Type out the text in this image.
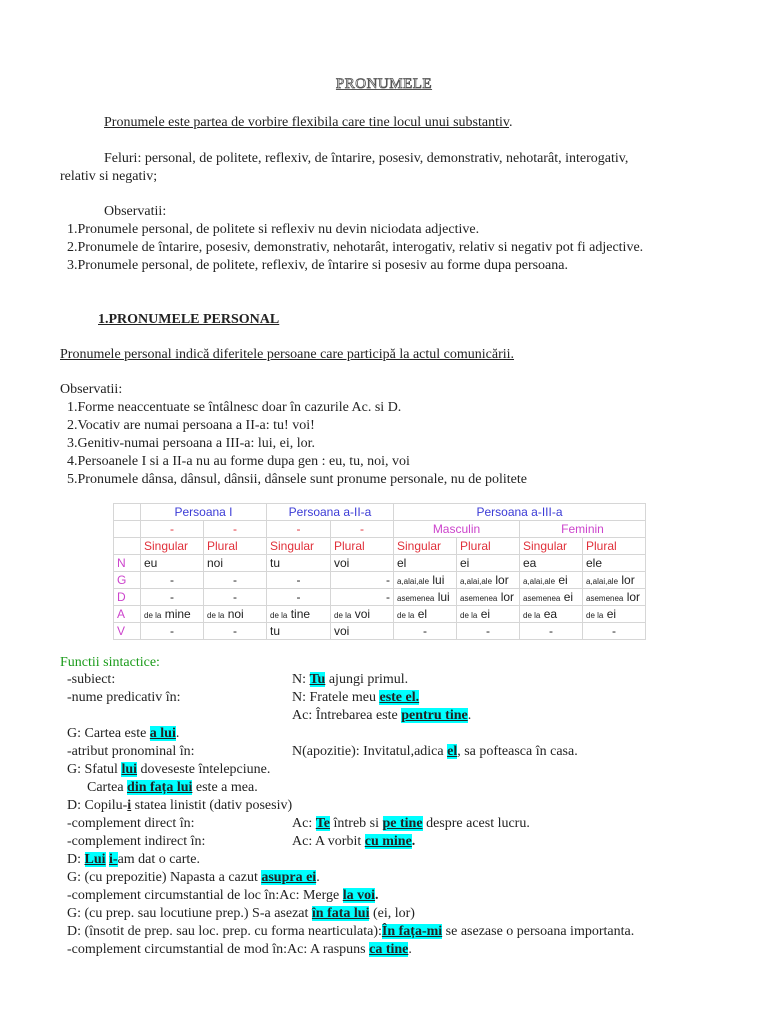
PRONUMELE
Pronumele este partea de vorbire flexibila care tine locul unui substantiv.
Feluri: personal, de politete, reflexiv, de întarire, posesiv, demonstrativ, nehotarât, interogativ,
relativ si negativ;
Observatii:
1.Pronumele personal, de politete si reflexiv nu devin niciodata adjective.
2.Pronumele de întarire, posesiv, demonstrativ, nehotarât, interogativ, relativ si negativ pot fi adjective.
3.Pronumele personal, de politete, reflexiv, de întarire si posesiv au forme dupa persoana.
1.PRONUMELE PERSONAL
Pronumele personal indică diferitele persoane care participă la actul comunicării.
Observatii:
1.Forme neaccentuate se întâlnesc doar în cazurile Ac. si D.
2.Vocativ are numai persoana a II-a: tu! voi!
3.Genitiv-numai persoana a III-a: lui, ei, lor.
4.Persoanele I si a II-a nu au forme dupa gen : eu, tu, noi, voi
5.Pronumele dânsa, dânsul, dânsii, dânsele sunt pronume personale, nu de politete
	Persoana I		Persoana a-II-a		Persoana a-III-a			
	-	-	-	-	Masculin		Feminin	
	Singular	Plural	Singular	Plural	Singular	Plural	Singular	Plural
N	eu	noi	tu	voi	el	ei	ea	ele
G	-	-	-	-	a,alai,ale lui	a,alai,ale lor	a,alai,ale ei	a,alai,ale lor
D	-	-	-	-	asemenea lui	asemenea lor	asemenea ei	asemenea lor
A	de la mine	de la noi	de la tine	de la voi	de la el	de la ei	de la ea	de la ei
V	-	-	tu	voi	-	-	-	-
Functii sintactice:
-subiect:	N: Tu ajungi primul.
-nume predicativ în:	N: Fratele meu este el.
Ac: Întrebarea este pentru tine.
G: Cartea este a lui.
-atribut pronominal în:	N(apozitie): Invitatul,adica el, sa pofteasca în casa.
G: Sfatul lui doveseste întelepciune.
Cartea din fața lui este a mea.
D: Copilu-i statea linistit (dativ posesiv)
-complement direct în:	Ac: Te întreb si pe tine despre acest lucru.
-complement indirect în:	Ac: A vorbit cu mine.
D: Lui i-am dat o carte.
G: (cu prepozitie) Napasta a cazut asupra ei.
-complement circumstantial de loc în:Ac: Merge la voi.
G: (cu prep. sau locutiune prep.) S-a asezat în fata lui (ei, lor)
D: (însotit de prep. sau loc. prep. cu forma nearticulata):În fața-mi se asezase o persoana importanta.
-complement circumstantial de mod în:Ac: A raspuns ca tine.
